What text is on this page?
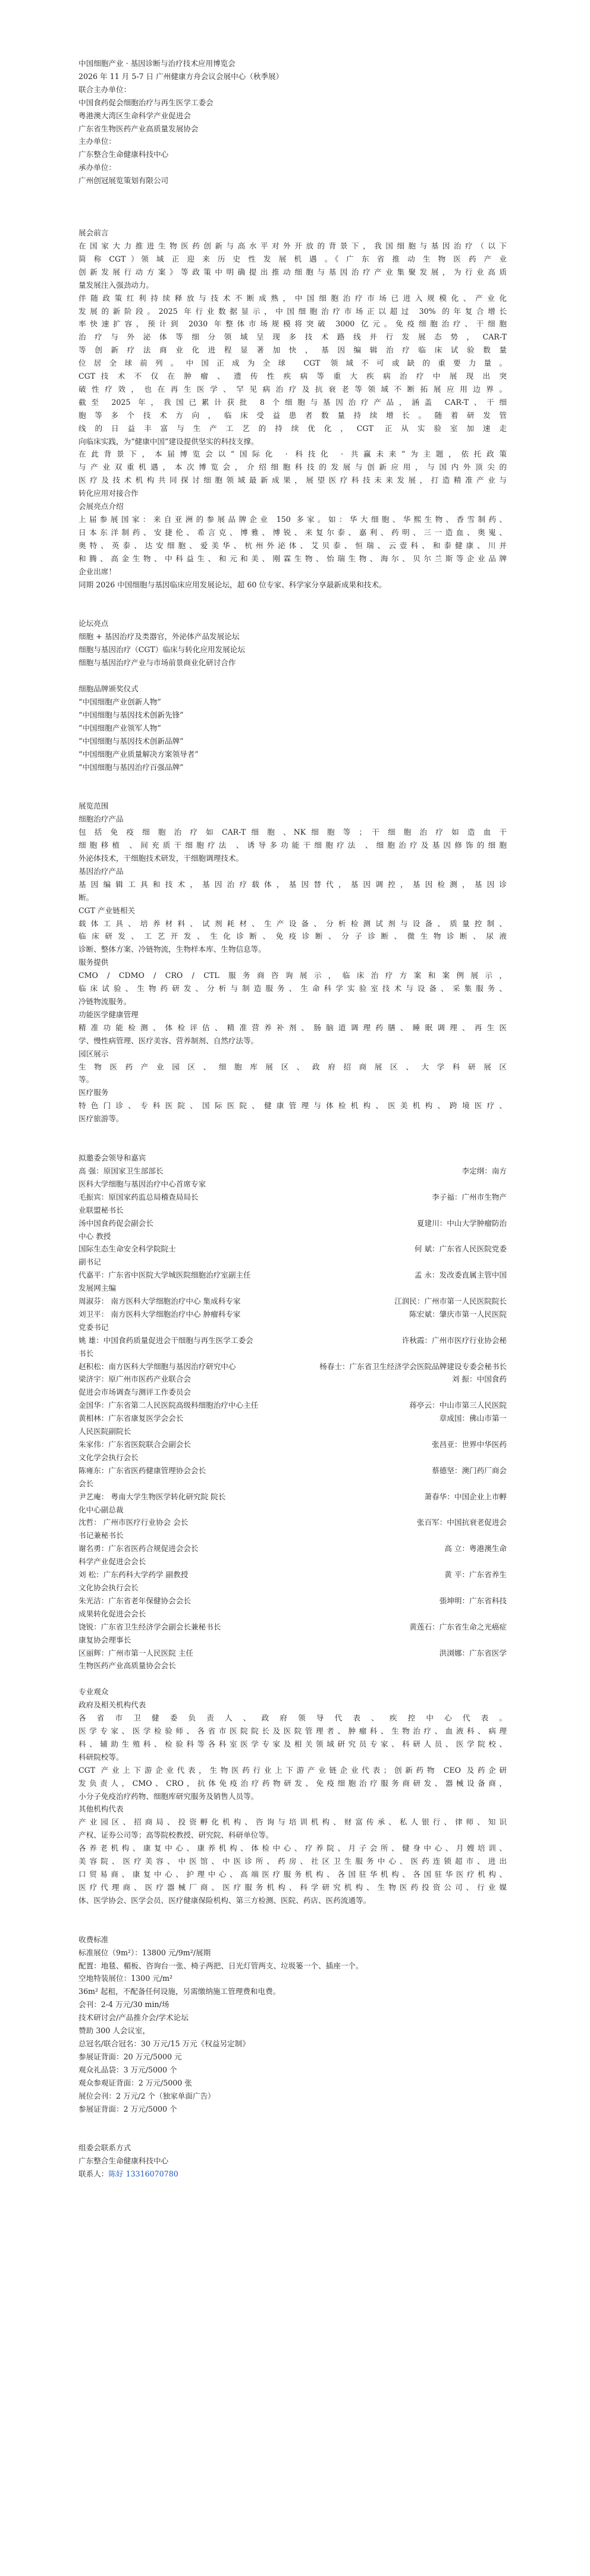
中国细胞产业 · 基因诊断与治疗技术应用博览会
2026 年 11 月 5-7 日 广州健康方舟会议会展中心（秋季展）
联合主办单位：
中国食药促会细胞治疗与再生医学工委会
粤港澳大湾区生命科学产业促进会
广东省生物医药产业高质量发展协会
主办单位：
广东整合生命健康科技中心
承办单位：
广州创冠展览策划有限公司
展会前言
在国家大力推进生物医药创新与高水平对外开放的背景下，我国细胞与基因治疗（以下
简 称 CGT ）领 域 正 迎 来 历 史 性 发 展 机 遇 。《 广 东 省 推 动 生 物 医 药 产 业
创新发展行动方案》等政策中明确提出推动细胞与基因治疗产业集聚发展，为行业高质
量发展注入强劲动力。
伴随政策红利持续释放与技术不断成熟，中国细胞治疗市场已进入规模化、产业化
发展的新阶段。2025 年行业数据显示，中国细胞治疗市场正以超过 30% 的年复合增长
率快速扩容，预计到 2030 年整体市场规模将突破 3000 亿元。免疫细胞治疗、干细胞
治疗与外泌体等细分领域呈现多技术路线并行发展态势，CAR-T
等创新疗法商业化进程显著加快，基因编辑治疗临床试验数量
位居全球前列。中国正成为全球 CGT 领域不可或缺的重要力量。
CGT 技 术 不 仅 在 肿 瘤 、 遗 传 性 疾 病 等 重 大 疾 病 治 疗 中 展 现 出 突
破性疗效，也在再生医学、罕见病治疗及抗衰老等领域不断拓展应用边界。
截至 2025 年，我国已累计获批 8 个细胞与基因治疗产品，涵盖 CAR-T、干细
胞等多个技术方向，临床受益患者数量持续增长。随着研发管
线的日益丰富与生产工艺的持续优化，CGT 正从实验室加速走
向临床实践，为“健康中国”建设提供坚实的科技支撑。
在此背景下，本届博览会以“国际化 · 科技化 · 共赢未来”为主题，依托政策
与产业双重机遇，本次博览会，介绍细胞科技的发展与创新应用，与国内外顶尖的
医疗及技术机构共同探讨细胞领域最新成果，展望医疗科技未来发展，打造精准产业与
转化应用对接合作
会展亮点介绍
上届参展国家：来自亚洲的参展品牌企业 150 多家。如：华大细胞、华熙生物、香雪制药、
日本东洋制药、安捷伦、希言克、博雅、博锐、来复尔泰、嘉利、药明、三一造血、奥嵬、
奥特、英泰、达安细胞、爱美华、杭州外泌体、艾贝泰、恒瑞、云壹科、和泰健康、川并
和腾、高金生物、中科益生、和元和美、刚霖生物、怡瑞生物、海尔、贝尔兰斯等企业品牌
企业出席！
同期 2026 中国细胞与基因临床应用发展论坛，超 60 位专家、科学家分享最新成果和技术。
论坛亮点
细胞 + 基因治疗及类器官，外泌体产品发展论坛
细胞与基因治疗（CGT）临床与转化应用发展论坛
细胞与基因治疗产业与市场前景商业化研讨合作
细胞品牌颁奖仪式
“中国细胞产业创新人物”
“中国细胞与基因技术创新先锋”
“中国细胞产业领军人物”
“中国细胞与基因技术创新品牌”
“中国细胞产业质量解决方案领导者”
“中国细胞与基因治疗百强品牌”
展览范围
细胞治疗产品
包 括 免 疫 细 胞 治 疗 如 CAR-T 细 胞 、NK 细 胞 等 ； 干 细 胞 治 疗 如 造 血 干
细胞移植 、间充质干细胞疗法 、诱导多功能干细胞疗法 、细胞治疗及基因修饰的细胞
外泌体技术，干细胞技术研发，干细胞调理技术。
基因治疗产品
基因编辑工具和技术，基因治疗载体，基因替代，基因调控，基因检测，基因诊
断。
CGT 产业链相关
载体工具、培养材料、试剂耗材、生产设备、分析检测试剂与设备、质量控制、
临床研发、工艺开发、生化诊断、免疫诊断、分子诊断、微生物诊断、尿液
诊断、整体方案、冷链物流，生物样本库、生物信息等。
服务提供
CMO / CDMO / CRO / CTL 服务商咨询展示，临床治疗方案和案例展示，
临床试验、生物药研发、分析与制造服务、生命科学实验室技术与设备、采集服务、
冷链物流服务。
功能医学健康管理
精准功能检测、体检评估、精准营养补剂、肠脑道调理药膳、睡眠调理、再生医
学、慢性病管理、医疗美容、营养制剂、自然疗法等。
园区展示
生 物 医 药 产 业 园 区 、 细 胞 库 展 区 、 政 府 招 商 展 区 、 大 学 科 研 展 区
等。
医疗服务
特色门诊、专科医院、国际医院、健康管理与体检机构、医美机构、跨境医疗、
医疗旅游等。
拟邀委会领导和嘉宾
高 强：原国家卫生部部长	李定纲：南方
医科大学细胞与基因治疗中心首席专家
毛振宾：原国家药监总局稽查局局长	李子福：广州市生物产
业联盟秘书长
汤中国食药促会副会长	夏建川：中山大学肿瘤防治
中心 教授
国际生态生命安全科学院院士	何 斌：广东省人民医院党委
副书记
代嘉平：广东省中医院大学城医院细胞治疗室副主任	孟 永：发改委直属主管中国
发展网主编
周淑芬： 南方医科大学细胞治疗中心 集成科专家	江润民：广州市第一人民医院院长
刘卫平： 南方医科大学细胞治疗中心 肿瘤科专家	陈宏斌：肇庆市第一人民医院
党委书记
姚 雄：中国食药质量促进会干细胞与再生医学工委会	许秋霞：广州市医疗行业协会秘
书长
赵积松：南方医科大学细胞与基因治疗研究中心	杨春士：广东省卫生经济学会医院品牌建设专委会秘书长
梁济宇：原广州市医药产业联合会	刘 振：中国食药
促进会市场调查与测评工作委员会
金国华：广东省第二人民医院高级科细胞治疗中心主任	蒋亭云：中山市第三人民医院
黄相林：广东省康复医学会会长	章成国：佛山市第一
人民医院副院长
朱家伟：广东省医院联合会副会长	张昌亚：世界中华医药
文化学会执行会长
陈雍东：广东省医药健康管理协会会长	蔡德坚：澳门药厂商会
会长
尹艺庵： 粤南大学生物医学转化研究院 院长	萧春华：中国企业上市孵
化中心副总裁
沈哲： 广州市医疗行业协会 会长	张百军：中国抗衰老促进会
书记兼秘书长
谢名勇：广东省医药合规促进会会长	高 立：粤港澳生命
科学产业促进会会长
刘 松：广东药科大学药学 副教授	黄 平：广东省养生
文化协会执行会长
朱光洁：广东省老年保健协会会长	張坤明：广东省科技
成果转化促进会会长
饶锐：广东省卫生经济学会副会长兼秘书长	黄莲石：广东省生命之光癌症
康复协会理事长
区丽辉：广州市第一人民医院 主任	洪浏娜：广东省医学
生物医药产业高质量协会会长
专业观众
政府及相关机构代表
各省市卫健委负责人、政府领导代表、疾控中心代表。
医学专家、医学检验师、各省市医院院长及医院管理者、肿瘤科、生物治疗、血液科、病理
科、辅助生殖科、检验科等各科室医学专家及相关领域研究员专家、科研人员、医学院校、
科研院校等。
CGT 产业上下游企业代表，生物医药行业上下游产业链企业代表；创新药物 CEO 及药企研
发负责人，CMO、CRO，抗体免疫治疗药物研发、免疫细胞治疗服务商研发、器械设备商，
小分子免疫治疗药物、细胞库研究服务及销售人员等。
其他机构代表
产业园区、招商局、投资孵化机构、咨询与培训机构、财富传承、私人银行、律师、知识
产权、证券公司等；高等院校教授、研究院、科研单位等。
各养老机构、康复中心、康养机构、体检中心、疗养院、月子会所、健身中心、月嫂培训、
美容院、医疗美容、中医馆、中医诊所、药房、社区卫生服务中心、医药连锁超市、进出
口贸易商、康复中心、护理中心、高端医疗服务机构、各国驻华机构、各国驻华医疗机构、
医疗代理商、医疗器械厂商、医疗服务机构、科学研究机构、生物医药投资公司、行业媒
体、医学协会、医学会员、医疗健康保险机构、第三方检测、医院、药店、医药流通等。
收费标准
标准展位（9m²）：13800 元/9m²/展期
配置：地毯、楣板、咨询台一张、椅子两把、日光灯管两支、垃圾篓一个、插座一个。
空地特装展位：1300 元/m²
36m² 起租，不配备任何设施，另需缴纳施工管理费和电费。
会刊：2-4 万元/30 min/场
技术研讨会/产品推介会/学术论坛
赞助 300 人会议室，
总冠名/联合冠名：30 万元/15 万元《权益另定制》
参展证背面：20 万元/5000 元
观众礼品袋：3 万元/5000 个
观众参观证背面：2 万元/5000 张
展位会刊：2 万元/2 个（独家单面广告）
参展证背面：2 万元/5000 个
组委会联系方式
广东整合生命健康科技中心
联系人：陈好 13316070780
